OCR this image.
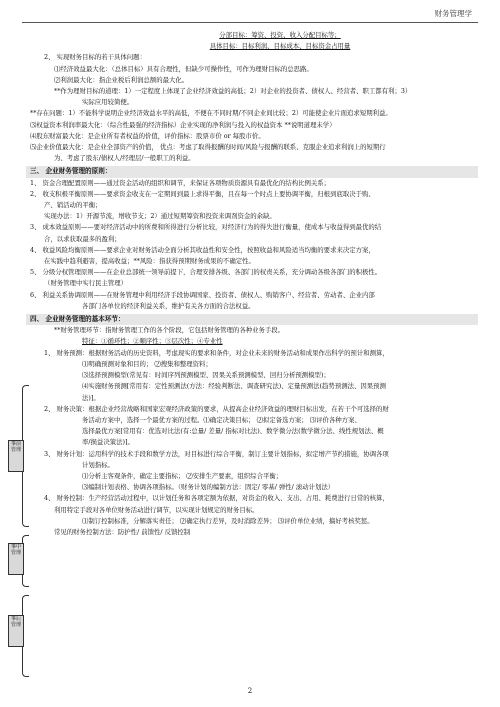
财务管理学
分部目标：筹资、投资、收入分配目标等；
具体目标：目标利润、目标成本、目标资金占用量
2、 实现财务目标的若干具体问题：
⑴经济效益最大化：（总体目标）具有合理性，但缺少可操作性，可作为理财目标的总思路。
⑵利润最大化：指企业税后利润总额的最大化。
**作为理财目标的道理：1）一定程度上体现了企业经济效益的高低；2）对企业的投资者、债权人、经营者、职工都有利；3）
实际应用较简便。
**存在问题：1）不能科学说明企业经济效益水平的高低，不便在不同时期/不同企业间比较；2）可能使企业片面追求短期利益。
⑶权益资本利润率最大化：（综合性最强的经济指标）企业实现的净利润与投入的权益资本 **说明道理未学）
⑷股东财富最大化：是企业所有者权益的价值，评价指标：股票市价 or 每股市价。
⑸企业价值最大化：是企业全部资产的价值， 优点：考虑了取得报酬的时间/风险与报酬的联系、克服企业追求利润上的短期行
为、考虑了股东/债权人/经理层/一般职工的利益。
三、 企业财务管理的原则：
1、 资金合理配置原则——通过资金活动的组织和调节，来保证各项物质资源具有最优化的结构比例关系；
2、 收支积极平衡原则——要求资金收支在一定期间到最上求得平衡，且在每一个时点上要协调平衡，归根到底取决于购、
产、销活动的平衡；
实现办法：1）开源节流，增收节支；2）通过短期筹资和投资来调剂资金的余缺。
3、 成本效益原则——要对经济活动中的所费和所得进行分析比较，对经济行为的得失进行衡量，使成本与收益得到最优的结
合，以求获取最多的盈利；
4、 收益风险均衡原则——要求企业对财务活动全面分析其收益性和安全性，按照收益和风险适当均衡的要求来决定方案，
在实践中趋利避害，提高收益；**风险：指获得预期财务成果的不确定性。
5、 分级分权管理原则——在企业总部统一领导前提下，合理安排各级、各部门的权责关系，充分调动各级各部门的积极性。
（财务管理中实行民主管理）
6、 利益关系协调原则——在财务管理中利用经济手段协调国家、投资者、债权人、购销客户、经营者、劳动者、企业内部
各部门各单位的经济利益关系，维护有关各方面的合法权益。
四、 企业财务管理的基本环节：
**财务管理环节：指财务管理工作的各个阶段，它包括财务管理的各种业务手段。
特征：①循环性；②顺序性；③层次性；④专业性
1、 财务预测：根据财务活动的历史资料，考虑现实的要求和条件，对企业未来的财务活动和成果作出科学的预计和测算，
⑴明确预测对象和目的； ⑵搜集和整理资料；
⑶选择预测模型(常见有：时间序列预测模型、因果关系预测模型、回归分析预测模型)；
⑷实施财务预测[常用有：定性预测法(方法：经验判断法、调查研究法)、定量预测法(趋势预测法、因果预测
法)]。
2、 财务决策：根据企业经营战略和国家宏观经济政策的要求，从提高企业经济效益的理财目标出发，在若干个可选择的财
务活动方案中，选择一个最优方案的过程。⑴确定决策目标； ⑵拟定备选方案； ⑶评价各种方案、
选择最优方案[常用有：优选对比法(有:总量/ 差量/ 指标对比法)、数学微分法(数学微分法、线性规划法、概
率/损益决策法)]。
3、 财务计划：运用科学的技术手段和数学方法，对目标进行综合平衡，制订主要计划指标，拟定增产节约措施，协调各项
计划指标。
⑴分析主客观条件，确定主要指标； ⑵安排生产要素，组织综合平衡；
⑶编制计划表格、协调各项指标。（财务计划的编制方法：固定/ 零基/ 弹性/ 滚动计划法）
4、 财务控制：生产经营活动过程中，以计划任务和各项定额为依据，对资金的收入、支出、占用、耗费进行日常的核算，
利用特定手段对各单位财务活动进行调节，以实现计划规定的财务目标。
⑴制订控制标准，分解落实责任； ⑵确定执行差异，及时消除差异； ⑶评价单位业绩，搞好考核奖惩。
常见的财务控制方法：防护性/ 前馈性/ 反馈控制
事前管理
事中管理
事后管理
2
